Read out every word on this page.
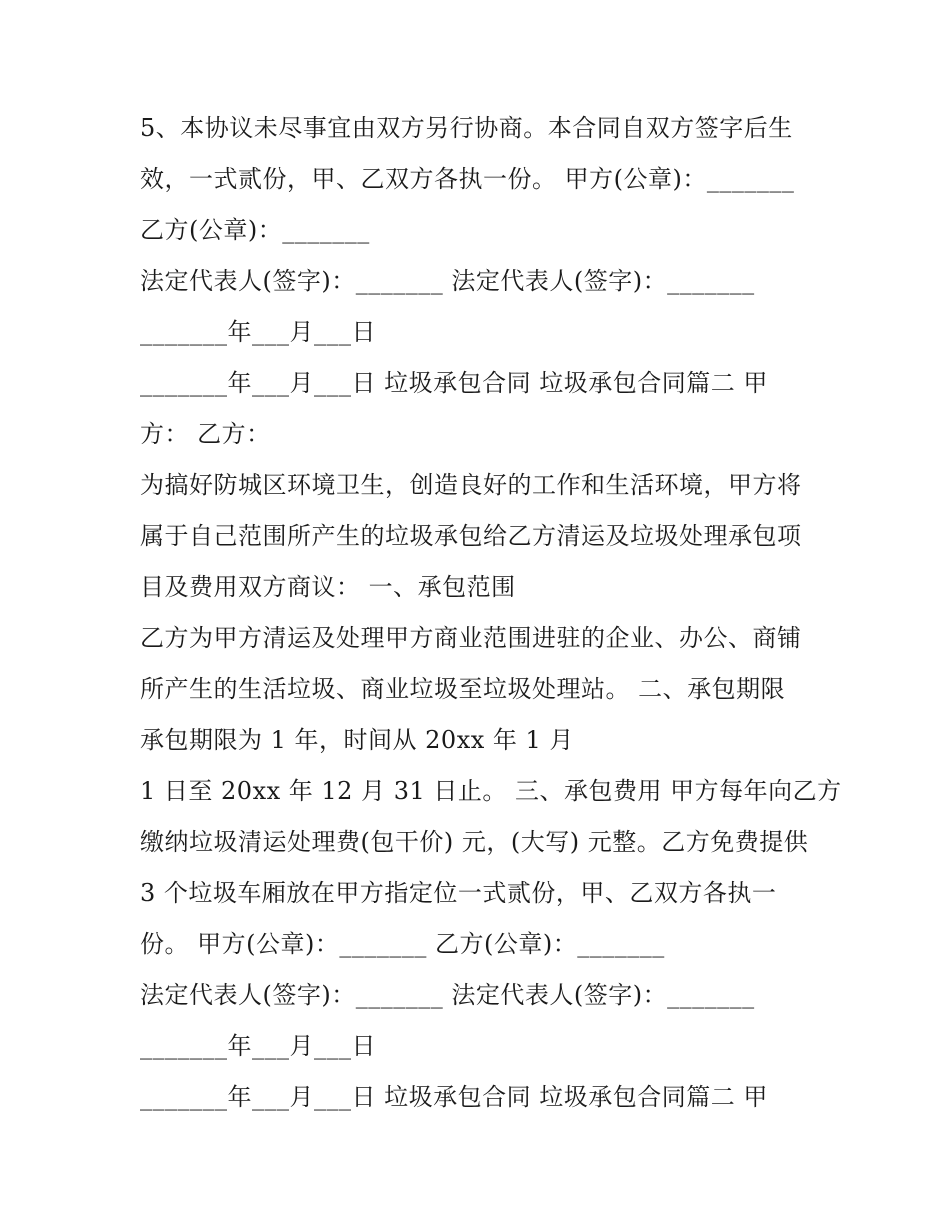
5、本协议未尽事宜由双方另行协商。本合同自双方签字后生
效，一式贰份，甲、乙双方各执一份。 甲方(公章)：_______
乙方(公章)：_______
法定代表人(签字)：_______ 法定代表人(签字)：_______
_______年___月___日
_______年___月___日 垃圾承包合同 垃圾承包合同篇二 甲
方： 乙方：
为搞好防城区环境卫生，创造良好的工作和生活环境，甲方将
属于自己范围所产生的垃圾承包给乙方清运及垃圾处理承包项
目及费用双方商议： 一、承包范围
乙方为甲方清运及处理甲方商业范围进驻的企业、办公、商铺
所产生的生活垃圾、商业垃圾至垃圾处理站。 二、承包期限
承包期限为 1 年，时间从 20xx 年 1 月
1 日至 20xx 年 12 月 31 日止。 三、承包费用 甲方每年向乙方
缴纳垃圾清运处理费(包干价) 元，(大写) 元整。乙方免费提供
3 个垃圾车厢放在甲方指定位一式贰份，甲、乙双方各执一
份。 甲方(公章)：_______ 乙方(公章)：_______
法定代表人(签字)：_______ 法定代表人(签字)：_______
_______年___月___日
_______年___月___日 垃圾承包合同 垃圾承包合同篇二 甲
